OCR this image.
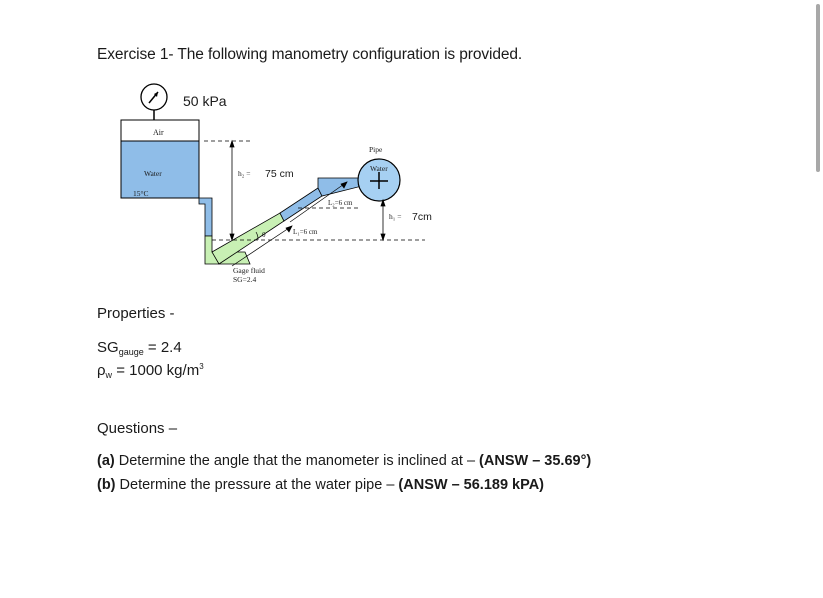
Exercise 1- The following manometry configuration is provided.
50 kPa
Air
Water
15°C
Pipe
Water
h₂ = 75 cm
h₁ = 7cm
L₂=6 cm
L₁=6 cm
θ
Gage fluid
SG=2.4
Properties -
$SG_{gauge} = 2.4$
$\rho_w = 1000$ $kg/m^3$
Questions –
(a) Determine the angle that the manometer is inclined at – (ANSW – 35.69°)
(b) Determine the pressure at the water pipe – (ANSW – 56.189 kPA)
